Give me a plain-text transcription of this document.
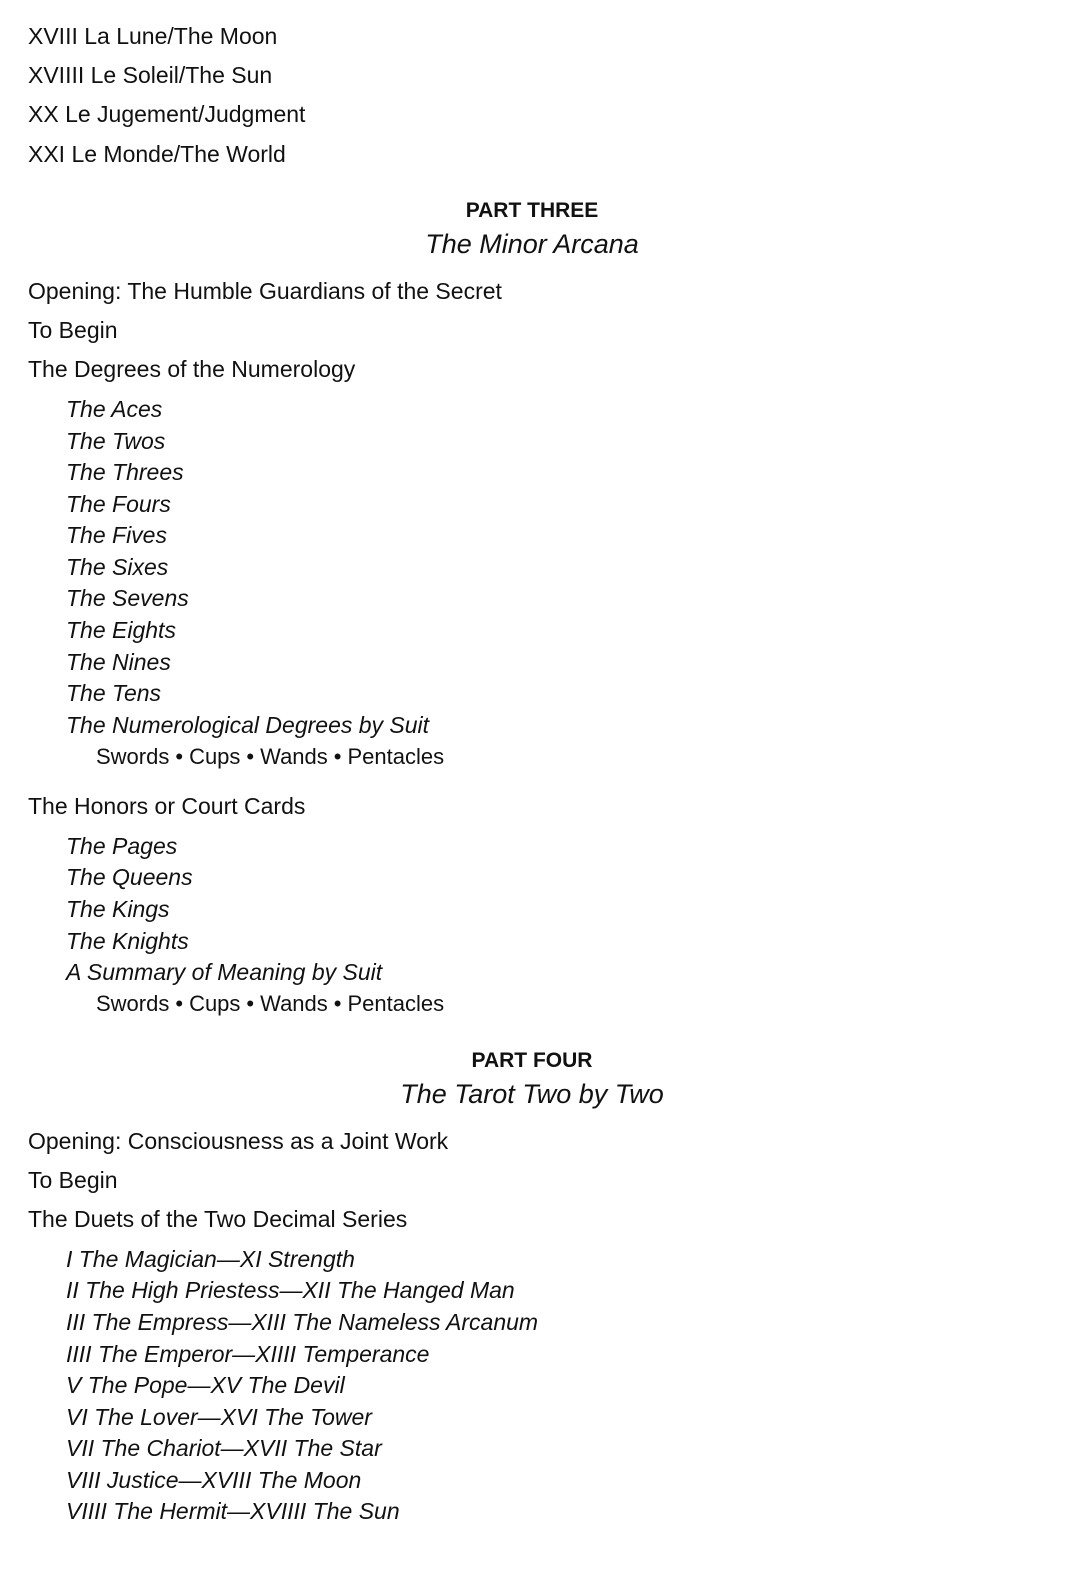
XVIII La Lune/The Moon
XVIIII Le Soleil/The Sun
XX Le Jugement/Judgment
XXI Le Monde/The World
PART THREE
The Minor Arcana
Opening: The Humble Guardians of the Secret
To Begin
The Degrees of the Numerology
The Aces
The Twos
The Threes
The Fours
The Fives
The Sixes
The Sevens
The Eights
The Nines
The Tens
The Numerological Degrees by Suit
Swords • Cups • Wands • Pentacles
The Honors or Court Cards
The Pages
The Queens
The Kings
The Knights
A Summary of Meaning by Suit
Swords • Cups • Wands • Pentacles
PART FOUR
The Tarot Two by Two
Opening: Consciousness as a Joint Work
To Begin
The Duets of the Two Decimal Series
I The Magician—XI Strength
II The High Priestess—XII The Hanged Man
III The Empress—XIII The Nameless Arcanum
IIII The Emperor—XIIII Temperance
V The Pope—XV The Devil
VI The Lover—XVI The Tower
VII The Chariot—XVII The Star
VIII Justice—XVIII The Moon
VIIII The Hermit—XVIIII The Sun
